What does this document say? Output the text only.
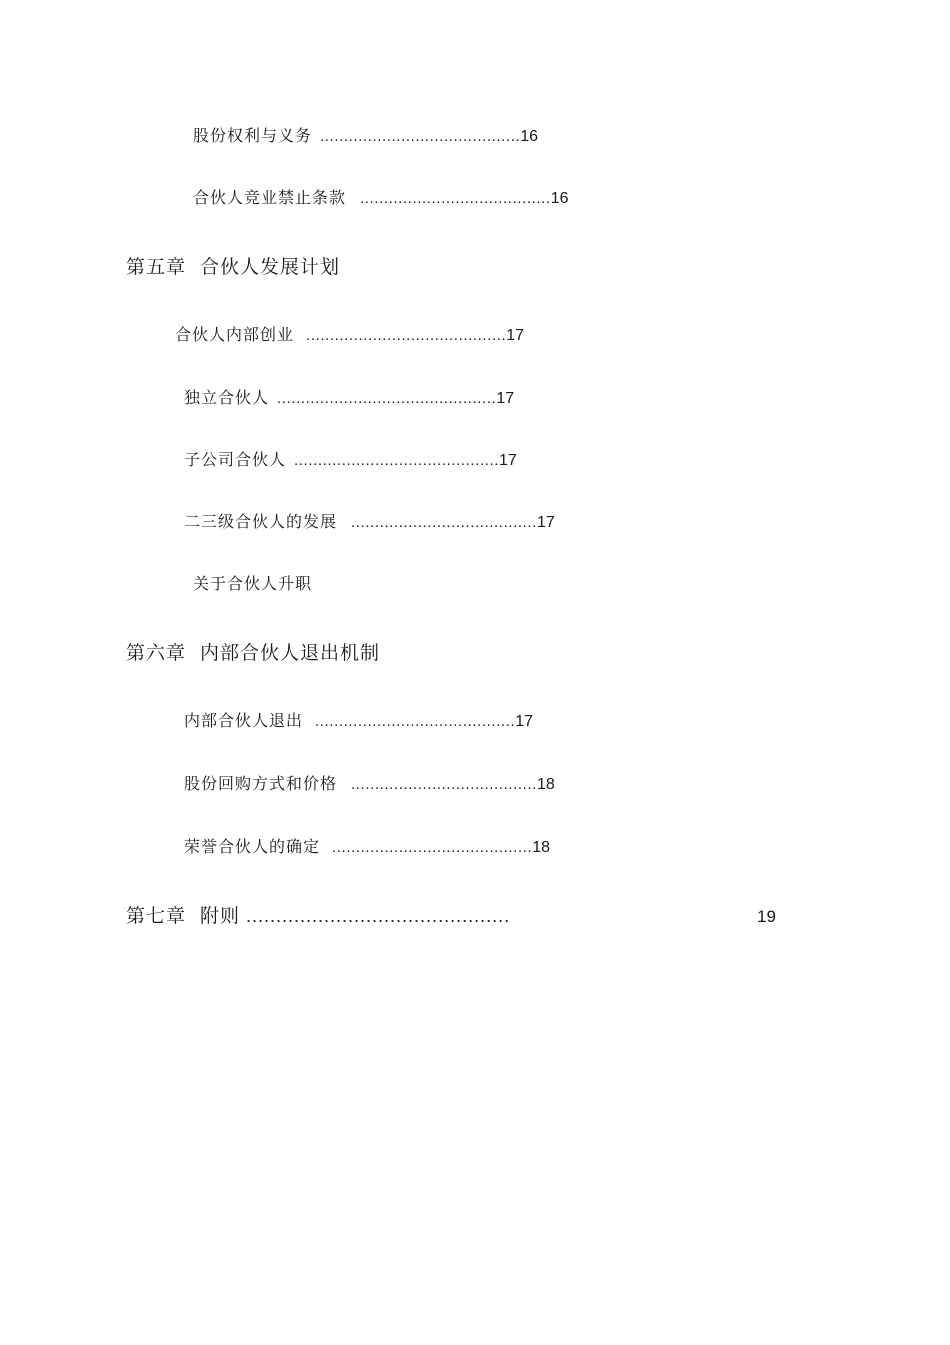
股份权利与义务 ..........................................16
合伙人竞业禁止条款 ........................................16
第五章 合伙人发展计划
合伙人内部创业 ..........................................17
独立合伙人 ..............................................17
子公司合伙人 ...........................................17
二三级合伙人的发展 .......................................17
关于合伙人升职
第六章 内部合伙人退出机制
内部合伙人退出 ..........................................17
股份回购方式和价格 .......................................18
荣誉合伙人的确定 ..........................................18
第七章 附则 ............................................	19
